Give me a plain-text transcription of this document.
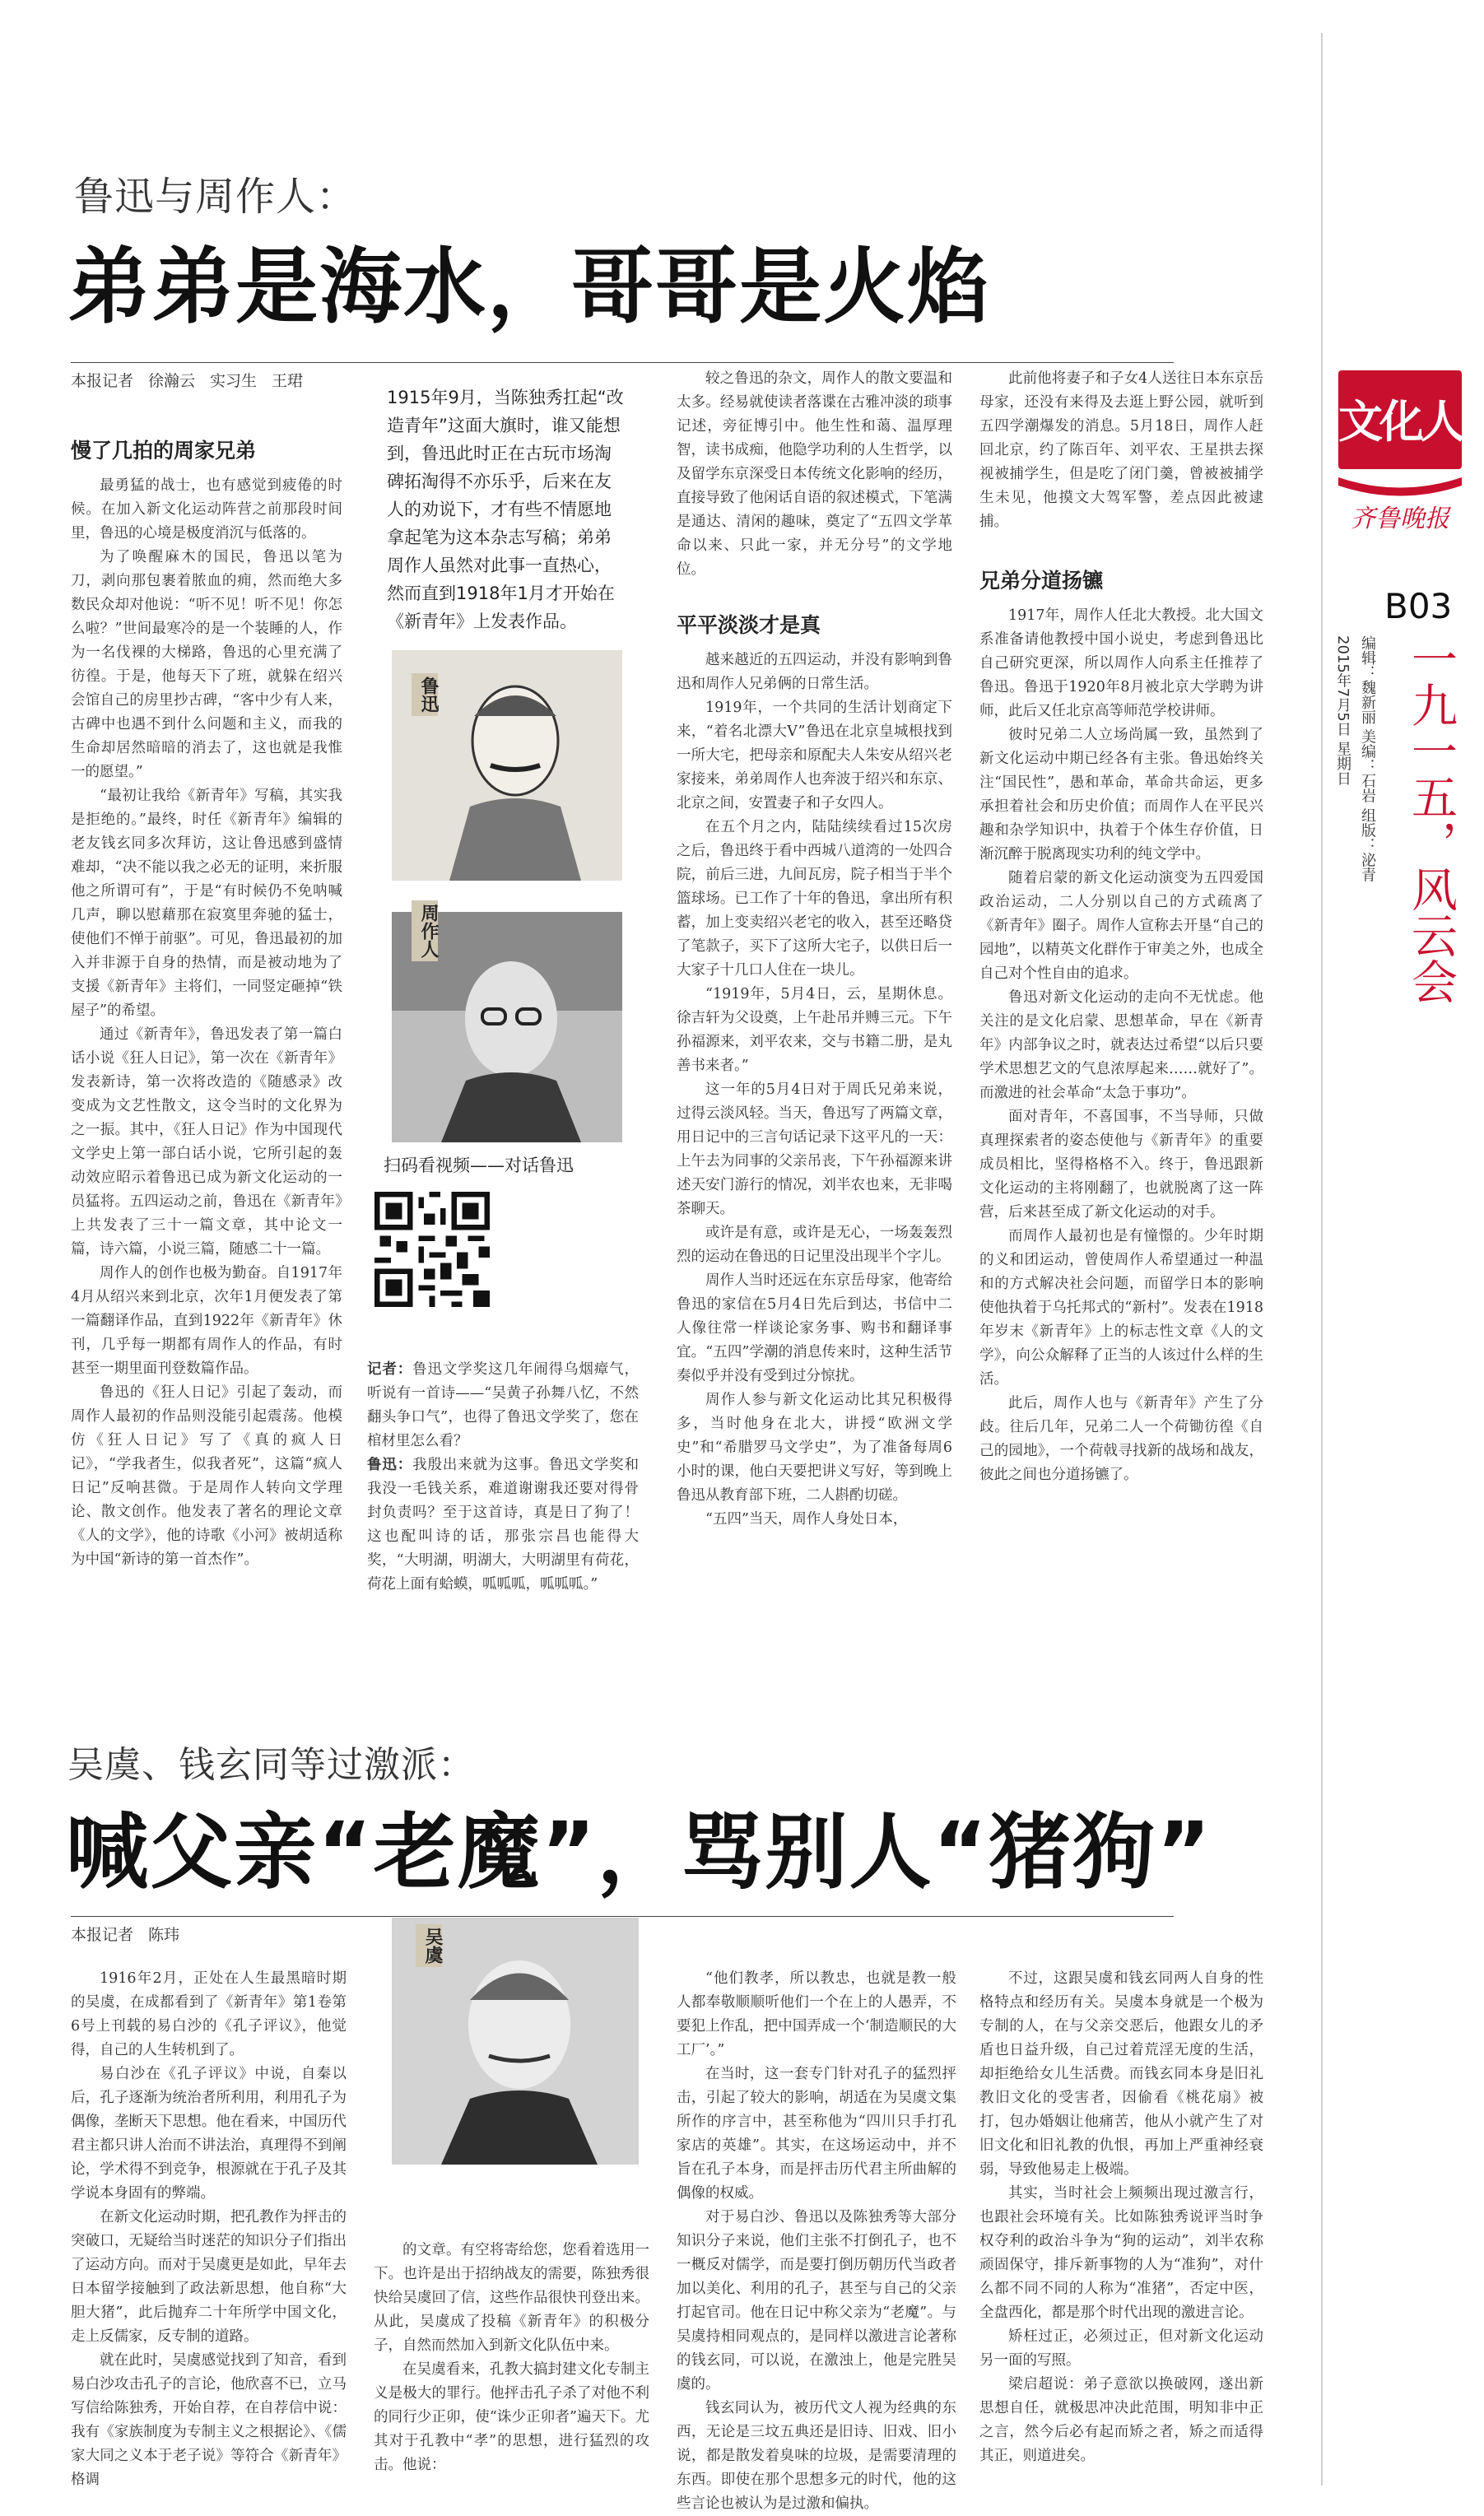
文化人
齐鲁晚报
B03
2015年7月5日 星期日 编辑：魏新丽 美编：石岩 组版：泌青 一九一五，风云会
鲁迅与周作人：
弟弟是海水，哥哥是火焰
本报记者 徐瀚云 实习生 王珺
慢了几拍的周家兄弟

最勇猛的战士，也有感觉到疲倦的时候。在加入新文化运动阵营之前那段时间里，鲁迅的心境是极度消沉与低落的。

为了唤醒麻木的国民，鲁迅以笔为刀，剥向那包裹着脓血的痈，然而绝大多数民众却对他说：“听不见！听不见！你怎么啦？”世间最寒冷的是一个装睡的人，作为一名伐裸的大梯路，鲁迅的心里充满了彷徨。于是，他每天下了班，就躲在绍兴会馆自己的房里抄古碑，“客中少有人来，古碑中也遇不到什么问题和主义，而我的生命却居然暗暗的消去了，这也就是我惟一的愿望。”

“最初让我给《新青年》写稿，其实我是拒绝的。”最终，时任《新青年》编辑的老友钱玄同多次拜访，这让鲁迅感到盛情难却，“决不能以我之必无的证明，来折服他之所谓可有”，于是“有时候仍不免呐喊几声，聊以慰藉那在寂寞里奔驰的猛士，使他们不惮于前驱”。可见，鲁迅最初的加入并非源于自身的热情，而是被动地为了支援《新青年》主将们，一同竖定砸掉“铁屋子”的希望。

通过《新青年》，鲁迅发表了第一篇白话小说《狂人日记》，第一次在《新青年》发表新诗，第一次将改造的《随感录》改变成为文艺性散文，这令当时的文化界为之一振。其中，《狂人日记》作为中国现代文学史上第一部白话小说，它所引起的轰动效应昭示着鲁迅已成为新文化运动的一员猛将。五四运动之前，鲁迅在《新青年》上共发表了三十一篇文章，其中论文一篇，诗六篇，小说三篇，随感二十一篇。

周作人的创作也极为勤奋。自1917年4月从绍兴来到北京，次年1月便发表了第一篇翻译作品，直到1922年《新青年》休刊，几乎每一期都有周作人的作品，有时甚至一期里面刊登数篇作品。

鲁迅的《狂人日记》引起了轰动，而周作人最初的作品则没能引起震荡。他模仿《狂人日记》写了《真的疯人日记》，“学我者生，似我者死”，这篇“疯人日记”反响甚微。于是周作人转向文学理论、散文创作。他发表了著名的理论文章《人的文学》，他的诗歌《小河》被胡适称为中国“新诗的第一首杰作”。

1915年9月，当陈独秀扛起“改造青年”这面大旗时，谁又能想到，鲁迅此时正在古玩市场淘碑拓淘得不亦乐乎，后来在友人的劝说下，才有些不情愿地拿起笔为这本杂志写稿；弟弟周作人虽然对此事一直热心，然而直到1918年1月才开始在《新青年》上发表作品。
鲁迅
周作人
扫码看视频——对话鲁迅
记者：鲁迅文学奖这几年闹得乌烟瘴气，听说有一首诗——“吴黄子孙舞八忆，不然翻头争口气”，也得了鲁迅文学奖了，您在棺材里怎么看？
鲁迅：我殷出来就为这事。鲁迅文学奖和我没一毛钱关系，难道谢谢我还要对得骨封负责吗？至于这首诗，真是日了狗了！这也配叫诗的话，那张宗昌也能得大奖，“大明湖，明湖大，大明湖里有荷花，荷花上面有蛤蟆，呱呱呱，呱呱呱。”

较之鲁迅的杂文，周作人的散文要温和太多。经易就使读者落谍在古雅冲淡的琐事记述，旁征博引中。他生性和蔼、温厚理智，读书成痴，他隐学功利的人生哲学，以及留学东京深受日本传统文化影响的经历，直接导致了他闲话自语的叙述模式，下笔满是通达、清闲的趣味，奠定了“五四文学革命以来、只此一家，并无分号”的文学地位。

平平淡淡才是真

越来越近的五四运动，并没有影响到鲁迅和周作人兄弟俩的日常生活。

1919年，一个共同的生活计划商定下来，“着名北漂大V”鲁迅在北京皇城根找到一所大宅，把母亲和原配夫人朱安从绍兴老家接来，弟弟周作人也奔波于绍兴和东京、北京之间，安置妻子和子女四人。

在五个月之内，陆陆续续看过15次房之后，鲁迅终于看中西城八道湾的一处四合院，前后三进，九间瓦房，院子相当于半个篮球场。已工作了十年的鲁迅，拿出所有积蓄，加上变卖绍兴老宅的收入，甚至还略贷了笔款子，买下了这所大宅子，以供日后一大家子十几口人住在一块儿。

“1919年，5月4日，云，星期休息。徐吉轩为父设奠，上午赴吊并赙三元。下午孙福源来，刘平农来，交与书籍二册，是丸善书来者。”

这一年的5月4日对于周氏兄弟来说，过得云淡风轻。当天，鲁迅写了两篇文章，用日记中的三言句话记录下这平凡的一天：上午去为同事的父亲吊丧，下午孙福源来讲述天安门游行的情况，刘半农也来，无非喝茶聊天。

或许是有意，或许是无心，一场轰轰烈烈的运动在鲁迅的日记里没出现半个字儿。

周作人当时还远在东京岳母家，他寄给鲁迅的家信在5月4日先后到达，书信中二人像往常一样谈论家务事、购书和翻译事宜。“五四”学潮的消息传来时，这种生活节奏似乎并没有受到过分惊扰。

周作人参与新文化运动比其兄积极得多，当时他身在北大，讲授“欧洲文学史”和“希腊罗马文学史”，为了准备每周6小时的课，他白天要把讲义写好，等到晚上鲁迅从教育部下班，二人斟酌切磋。

“五四”当天，周作人身处日本，

此前他将妻子和子女4人送往日本东京岳母家，还没有来得及去逛上野公园，就听到五四学潮爆发的消息。5月18日，周作人赶回北京，约了陈百年、刘平农、王星拱去探视被捕学生，但是吃了闭门羹，曾被被捕学生未见，他摸文大驾军警，差点因此被逮捕。

兄弟分道扬镳

1917年，周作人任北大教授。北大国文系准备请他教授中国小说史，考虑到鲁迅比自己研究更深，所以周作人向系主任推荐了鲁迅。鲁迅于1920年8月被北京大学聘为讲师，此后又任北京高等师范学校讲师。

彼时兄弟二人立场尚属一致，虽然到了新文化运动中期已经各有主张。鲁迅始终关注“国民性”，愚和革命，革命共命运，更多承担着社会和历史价值；而周作人在平民兴趣和杂学知识中，执着于个体生存价值，日渐沉醉于脱离现实功利的纯文学中。

随着启蒙的新文化运动演变为五四爱国政治运动，二人分别以自己的方式疏离了《新青年》圈子。周作人宣称去开垦“自己的园地”，以精英文化群作于审美之外，也成全自己对个性自由的追求。

鲁迅对新文化运动的走向不无忧虑。他关注的是文化启蒙、思想革命，早在《新青年》内部争议之时，就表达过希望“以后只要学术思想艺文的气息浓厚起来……就好了”。而激进的社会革命“太急于事功”。

面对青年，不喜国事，不当导师，只做真理探索者的姿态使他与《新青年》的重要成员相比，坚得格格不入。终于，鲁迅跟新文化运动的主将刚翻了，也就脱离了这一阵营，后来甚至成了新文化运动的对手。

而周作人最初也是有憧憬的。少年时期的义和团运动，曾使周作人希望通过一种温和的方式解决社会问题，而留学日本的影响使他执着于乌托邦式的“新村”。发表在1918年岁末《新青年》上的标志性文章《人的文学》，向公众解释了正当的人该过什么样的生活。

此后，周作人也与《新青年》产生了分歧。往后几年，兄弟二人一个荷锄彷徨《自己的园地》，一个荷戟寻找新的战场和战友，彼此之间也分道扬镳了。

吴虞、钱玄同等过激派：
喊父亲“老魔”，骂别人“猪狗”
本报记者 陈玮

1916年2月，正处在人生最黑暗时期的吴虞，在成都看到了《新青年》第1卷第6号上刊载的易白沙的《孔子评议》，他觉得，自己的人生转机到了。

易白沙在《孔子评议》中说，自秦以后，孔子逐渐为统治者所利用，利用孔子为偶像，垄断天下思想。他在看来，中国历代君主都只讲人治而不讲法治，真理得不到阐论，学术得不到竞争，根源就在于孔子及其学说本身固有的弊端。

在新文化运动时期，把孔教作为抨击的突破口，无疑给当时迷茫的知识分子们指出了运动方向。而对于吴虞更是如此，早年去日本留学接触到了政法新思想，他自称“大胆大猪”，此后抛弃二十年所学中国文化，走上反儒家，反专制的道路。

就在此时，吴虞感觉找到了知音，看到易白沙攻击孔子的言论，他欣喜不已，立马写信给陈独秀，开始自荐，在自荐信中说：我有《家族制度为专制主义之根据论》、《儒家大同之义本于老子说》等符合《新青年》格调

吴虞

的文章。有空将寄给您，您看着选用一下。也许是出于招纳战友的需要，陈独秀很快给吴虞回了信，这些作品很快刊登出来。从此，吴虞成了投稿《新青年》的积极分子，自然而然加入到新文化队伍中来。

在吴虞看来，孔教大搞封建文化专制主义是极大的罪行。他抨击孔子杀了对他不利的同行少正卯，使“诛少正卯者”遍天下。尤其对于孔教中“孝”的思想，进行猛烈的攻击。他说：

“他们教孝，所以教忠，也就是教一般人都奉敬顺顺听他们一个在上的人愚弄，不要犯上作乱，把中国弄成一个‘制造顺民的大工厂’。”

在当时，这一套专门针对孔子的猛烈抨击，引起了较大的影响，胡适在为吴虞文集所作的序言中，甚至称他为“四川只手打孔家店的英雄”。其实，在这场运动中，并不旨在孔子本身，而是抨击历代君主所曲解的偶像的权威。

对于易白沙、鲁迅以及陈独秀等大部分知识分子来说，他们主张不打倒孔子，也不一概反对儒学，而是要打倒历朝历代当政者加以美化、利用的孔子，甚至与自己的父亲打起官司。他在日记中称父亲为“老魔”。与吴虞持相同观点的，是同样以激进言论著称的钱玄同，可以说，在激浊上，他是完胜吴虞的。

钱玄同认为，被历代文人视为经典的东西，无论是三坟五典还是旧诗、旧戏、旧小说，都是散发着臭味的垃圾，是需要清理的东西。即使在那个思想多元的时代，他的这些言论也被认为是过激和偏执。

不过，这跟吴虞和钱玄同两人自身的性格特点和经历有关。吴虞本身就是一个极为专制的人，在与父亲交恶后，他跟女儿的矛盾也日益升级，自己过着荒淫无度的生活，却拒绝给女儿生活费。而钱玄同本身是旧礼教旧文化的受害者，因偷看《桃花扇》被打，包办婚姻让他痛苦，他从小就产生了对旧文化和旧礼教的仇恨，再加上严重神经衰弱，导致他易走上极端。

其实，当时社会上频频出现过激言行，也跟社会环境有关。比如陈独秀说评当时争权夺利的政治斗争为“狗的运动”，刘半农称顽固保守，排斥新事物的人为“准狗”，对什么都不同不同的人称为“准猪”，否定中医，全盘西化，都是那个时代出现的激进言论。

矫枉过正，必须过正，但对新文化运动另一面的写照。

梁启超说：弟子意欲以换破网，遂出新思想自任，就极思冲决此范围，明知非中正之言，然今后必有起而矫之者，矫之而适得其正，则道进矣。
